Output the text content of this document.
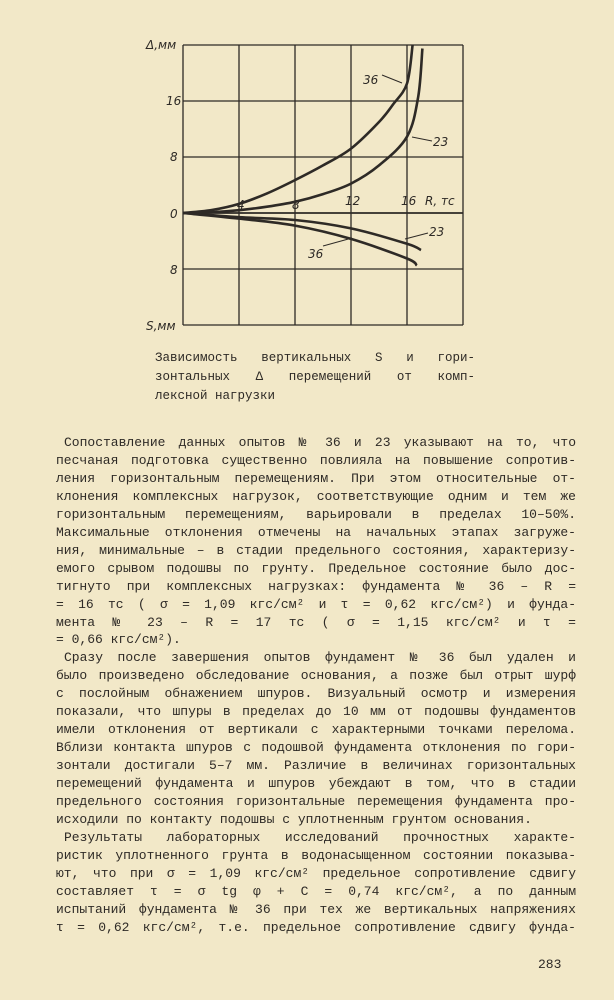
Δ,мм
S,мм
16
8
0
8
4	8	12	16 R, тс
36
23
23
36
Зависимость вертикальных S и гори-
зонтальных Δ перемещений от комп-
лексной нагрузки
Сопоставление данных опытов № 36 и 23 указывают на то, что
песчаная подготовка существенно повлияла на повышение сопротив-
ления горизонтальным перемещениям. При этом относительные от-
клонения комплексных нагрузок, соответствующие одним и тем же
горизонтальным перемещениям, варьировали в пределах 10–50%.
Максимальные отклонения отмечены на начальных этапах загруже-
ния, минимальные – в стадии предельного состояния, характеризу-
емого срывом подошвы по грунту. Предельное состояние было дос-
тигнуто при комплексных нагрузках: фундамента № 36 – R =
= 16 тс ( σ = 1,09 кгс/см² и τ = 0,62 кгс/см²) и фунда-
мента № 23 – R = 17 тс ( σ = 1,15 кгс/см² и τ =
= 0,66 кгс/см²).
Сразу после завершения опытов фундамент № 36 был удален и
было произведено обследование основания, а позже был отрыт шурф
с послойным обнажением шпуров. Визуальный осмотр и измерения
показали, что шпуры в пределах до 10 мм от подошвы фундаментов
имели отклонения от вертикали с характерными точками перелома.
Вблизи контакта шпуров с подошвой фундамента отклонения по гори-
зонтали достигали 5–7 мм. Различие в величинах горизонтальных
перемещений фундамента и шпуров убеждают в том, что в стадии
предельного состояния горизонтальные перемещения фундамента про-
исходили по контакту подошвы с уплотненным грунтом основания.
Результаты лабораторных исследований прочностных характе-
ристик уплотненного грунта в водонасыщенном состоянии показыва-
ют, что при σ = 1,09 кгс/см² предельное сопротивление сдвигу
составляет τ = σ tg φ + C = 0,74 кгс/см², а по данным
испытаний фундамента № 36 при тех же вертикальных напряжениях
τ = 0,62 кгс/см², т.е. предельное сопротивление сдвигу фунда-
283
